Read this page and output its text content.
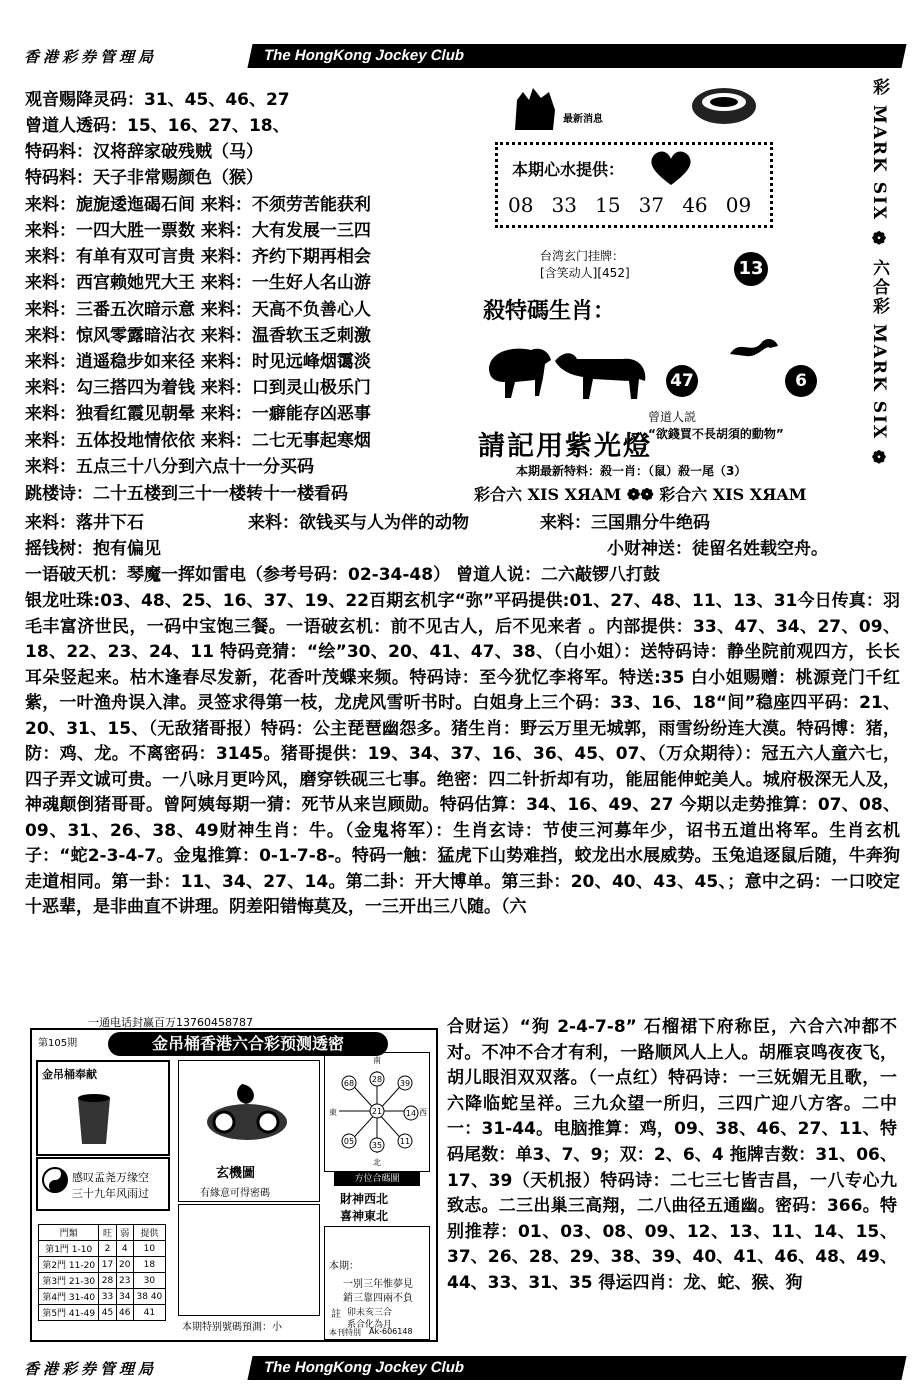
香港彩券管理局	The HongKong Jockey Club
彩 MARK SIX ❁ 六合彩 MARK SIX ❁
观音赐降灵码：31、45、46、27
曾道人透码：15、16、27、18、
特码料：汉将辞家破残贼（马）
特码料：天子非常赐颜色（猴）
来料：旎旎逶迤碣石间 来料：不须劳苦能获利
来料：一四大胜一票数 来料：大有发展一三四
来料：有单有双可言贵 来料：齐约下期再相会
来料：西宫赖她咒大王 来料：一生好人名山游
来料：三番五次暗示意 来料：天高不负善心人
来料：惊风零露暗沾衣 来料：温香软玉乏刺激
来料：逍遥稳步如来径 来料：时见远峰烟霭淡
来料：勾三搭四为着钱 来料：口到灵山极乐门
来料：独看红霞见朝晕 来料：一癖能存凶恶事
来料：五体投地情依依 来料：二七无事起寒烟
来料：五点三十八分到六点十一分买码
跳楼诗：二十五楼到三十一楼转十一楼看码
最新消息
本期心水提供：
08 33 15 37 46 09
台湾玄门挂牌：
[含笑动人][452]	13
殺特碼生肖：
47	6
請記用紫光燈
曾道人説
“欲錢買不長胡須的動物”
本期最新特料：殺一肖：（鼠）殺一尾（3）
彩合六 XIS XЯAM ❁❁ 彩合六 XIS XЯAM
来料：落井下石	来料：欲钱买与人为伴的动物	来料：三国鼎分牛绝码
摇钱树：抱有偏见	小财神送：徒留名姓载空舟。
一语破天机：琴魔一挥如雷电（参考号码：02-34-48） 曾道人说：二六敲锣八打鼓
银龙吐珠:03、48、25、16、37、19、22百期玄机字“弥”平码提供:01、27、48、11、13、31今日传真：羽毛丰富济世民，一码中宝饱三餐。一语破玄机：前不见古人，后不见来者 。内部提供：33、47、34、27、09、18、22、23、24、11 特码竞猜：“绘”30、20、41、47、38、（白小姐）：送特码诗：静坐院前观四方，长长耳朵竖起来。枯木逢春尽发新，花香叶茂蝶来频。特码诗：至今犹忆李将军。特送:35 白小姐赐赠：桃源竞门千红紫，一叶渔舟误入津。灵签求得第一枝，龙虎风雪听书时。白姐身上三个码：33、16、18“间”稳座四平码：21、20、31、15、（无敌猪哥报）特码：公主琵琶幽怨多。猪生肖：野云万里无城郭，雨雪纷纷连大漠。特码博：猪，防：鸡、龙。不离密码：3145。猪哥提供：19、34、37、16、36、45、07、（万众期待）：冠五六人童六七，四子弄文诚可贵。一八咏月更吟风，磨穿铁砚三七事。绝密：四二针折却有功，能屈能伸蛇美人。城府极深无人及，神魂颠倒猪哥哥。曾阿姨每期一猜：死节从来岂顾勋。特码估算：34、16、49、27 今期以走势推算：07、08、09、31、26、38、49财神生肖：牛。（金鬼将军）：生肖玄诗：节使三河募年少，诏书五道出将军。生肖玄机子：“蛇2-3-4-7。金鬼推算：0-1-7-8-。特码一触：猛虎下山势难挡，蛟龙出水展威势。玉兔追逐鼠后随，牛奔狗走道相同。第一卦：11、34、27、14。第二卦：开大博单。第三卦：20、40、43、45、；意中之码：一口咬定十恶辈，是非曲直不讲理。阴差阳错悔莫及，一三开出三八随。（六
一通电话封赢百万13760458787
第105期	金吊桶香港六合彩预测透密
金吊桶奉献
感叹孟尧万缘空
三十九年风雨过
門類	旺	弱	提供
第1門 1-10	2	4	10
第2門 11-20	17	20	18
第3門 21-30	28	23	30
第4門 31-40	33	34	38 40
第5門 41-49	45	46	41
玄機圖
有緣意可得密碼
本期特别號碼預測：小
28
68	39
14
21
05	11
35
南
北
東	西
方位合碼圖
財神西北
喜神東北
本期：
一別三年惟夢見
銷三靠四兩不負
註 卯未亥三合
系合化為月
本刊特別 Ak-606148
合财运）“狗 2-4-7-8” 石榴裙下府称臣，六合六冲都不对。不冲不合才有利，一路顺风人上人。胡雁哀鸣夜夜飞，胡儿眼泪双双落。（一点红）特码诗：一三妩媚无且歌，一六降临蛇呈祥。三九众望一所归，三四广迎八方客。二中一：31-44。电脑推算：鸡，09、38、46、27、11、特码尾数：单3、7、9；双：2、6、4 拖牌吉数：31、06、17、39（天机报）特码诗：二七三七皆吉昌，一八专心九致志。二三出巢三高翔，二八曲径五通幽。密码：366。特别推荐：01、03、08、09、12、13、11、14、15、37、26、28、29、38、39、40、41、46、48、49、44、33、31、35 得运四肖：龙、蛇、猴、狗
香港彩券管理局	The HongKong Jockey Club
